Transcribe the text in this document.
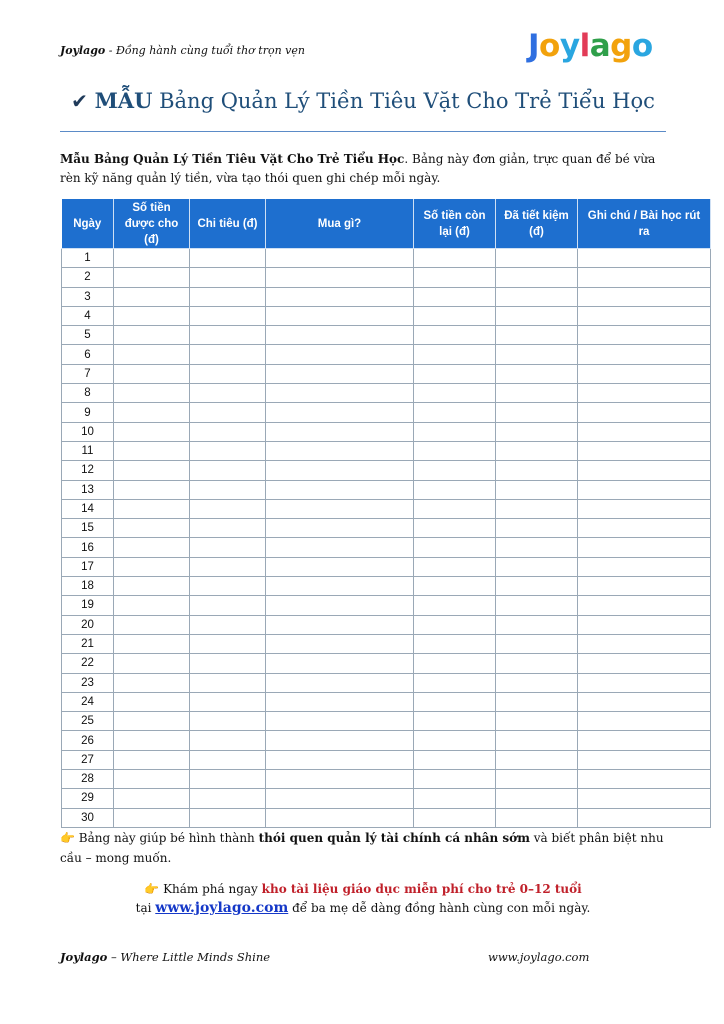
Joylago - Đồng hành cùng tuổi thơ trọn vẹn	Joylago
✔ MẪU Bảng Quản Lý Tiền Tiêu Vặt Cho Trẻ Tiểu Học
Mẫu Bảng Quản Lý Tiền Tiêu Vặt Cho Trẻ Tiểu Học. Bảng này đơn giản, trực quan để bé vừa rèn kỹ năng quản lý tiền, vừa tạo thói quen ghi chép mỗi ngày.
Ngày	Số tiền được cho (đ)	Chi tiêu (đ)	Mua gì?	Số tiền còn lại (đ)	Đã tiết kiệm (đ)	Ghi chú / Bài học rút ra
1						
2						
3						
4						
5						
6						
7						
8						
9						
10						
11						
12						
13						
14						
15						
16						
17						
18						
19						
20						
21						
22						
23						
24						
25						
26						
27						
28						
29						
30						
👉 Bảng này giúp bé hình thành thói quen quản lý tài chính cá nhân sớm và biết phân biệt nhu cầu – mong muốn.
👉 Khám phá ngay kho tài liệu giáo dục miễn phí cho trẻ 0–12 tuổi
tại www.joylago.com để ba mẹ dễ dàng đồng hành cùng con mỗi ngày.
Joylago – Where Little Minds Shine	www.joylago.com
